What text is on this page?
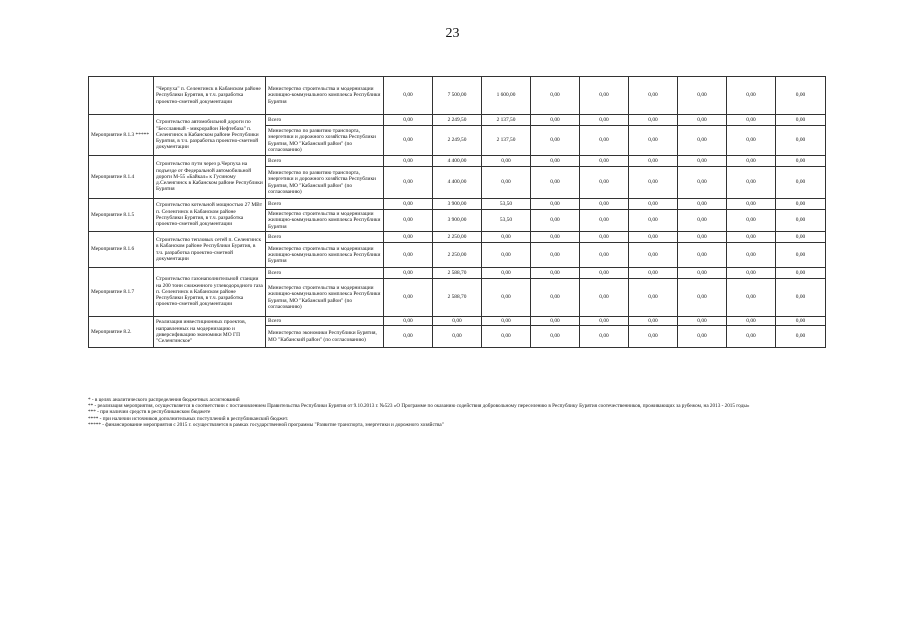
23
	"Черпуха" п. Селенгинск в Кабанском районе Республики Бурятия, в т.ч. разработка проектно-сметной документации	Министерство строительства и модернизации жилищно-коммунального комплекса Республики Бурятия	0,00	7 500,00	1 600,00	0,00	0,00	0,00	0,00	0,00	0,00
Мероприятие 8.1.3 *****	Строительство автомобильной дороги по "Бесславный - микрорайон Нефтебаза" п. Селенгинск в Кабанском районе Республики Бурятия, в т.ч. разработка проектно-сметной документации	Всего	0,00	2 249,50	2 137,50	0,00	0,00	0,00	0,00	0,00	0,00
		Министерство по развитию транспорта, энергетики и дорожного хозяйства Республики Бурятия, МО "Кабанский район" (по согласованию)	0,00	2 249,50	2 137,50	0,00	0,00	0,00	0,00	0,00	0,00
Мероприятие 8.1.4	Строительство пути через р.Черпуха на подъезде от Федеральной автомобильной дороги М-55 «Байкал» к Гусиному д.Селенгинск в Кабанском районе Республики Бурятия	Всего	0,00	4 400,00	0,00	0,00	0,00	0,00	0,00	0,00	0,00
		Министерство по развитию транспорта, энергетики и дорожного хозяйства Республики Бурятия, МО "Кабанский район" (по согласованию)	0,00	4 400,00	0,00	0,00	0,00	0,00	0,00	0,00	0,00
Мероприятие 8.1.5	Строительство котельной мощностью 27 МВт п. Селенгинск в Кабанском районе Республики Бурятия, в т.ч. разработка проектно-сметной документации	Всего	0,00	3 900,00	53,50	0,00	0,00	0,00	0,00	0,00	0,00
		Министерство строительства и модернизации жилищно-коммунального комплекса Республики Бурятия	0,00	3 900,00	53,50	0,00	0,00	0,00	0,00	0,00	0,00
Мероприятие 8.1.6	Строительство тепловых сетей п. Селенгинск в Кабанском районе Республики Бурятия, в т.ч. разработка проектно-сметной документации	Всего	0,00	2 250,00	0,00	0,00	0,00	0,00	0,00	0,00	0,00
		Министерство строительства и модернизации жилищно-коммунального комплекса Республики Бурятия	0,00	2 250,00	0,00	0,00	0,00	0,00	0,00	0,00	0,00
Мероприятие 8.1.7	Строительство газонаполнительной станции на 200 тонн сжиженного углеводородного газа п. Селенгинск в Кабанском районе Республики Бурятия, в т.ч. разработка проектно-сметной документации	Всего	0,00	2 588,70	0,00	0,00	0,00	0,00	0,00	0,00	0,00
		Министерство строительства и модернизации жилищно-коммунального комплекса Республики Бурятия, МО "Кабанский район" (по согласованию)	0,00	2 588,70	0,00	0,00	0,00	0,00	0,00	0,00	0,00
Мероприятие 8.2.	Реализация инвестиционных проектов, направленных на модернизацию и диверсификацию экономики МО ГП "Селенгинское"	Всего	0,00	0,00	0,00	0,00	0,00	0,00	0,00	0,00	0,00
		Министерство экономики Республики Бурятия, МО "Кабанский район" (по согласованию)	0,00	0,00	0,00	0,00	0,00	0,00	0,00	0,00	0,00

* - в целях аналитического распределения бюджетных ассигнований

** - реализация мероприятия, осуществляется в соответствии с постановлением Правительства Республики Бурятия от 9.10.2013 г. №523 «О Программе по оказанию содействия добровольному переселению в Республику Бурятия соотечественников, проживающих за рубежом, на 2013 - 2015 годы»

*** - при наличии средств в республиканском бюджете

**** - при наличии источников дополнительных поступлений в республиканский бюджет.

***** - финансирование мероприятия с 2015 г. осуществляется в рамках государственной программы "Развитие транспорта, энергетики и дорожного хозяйства"
